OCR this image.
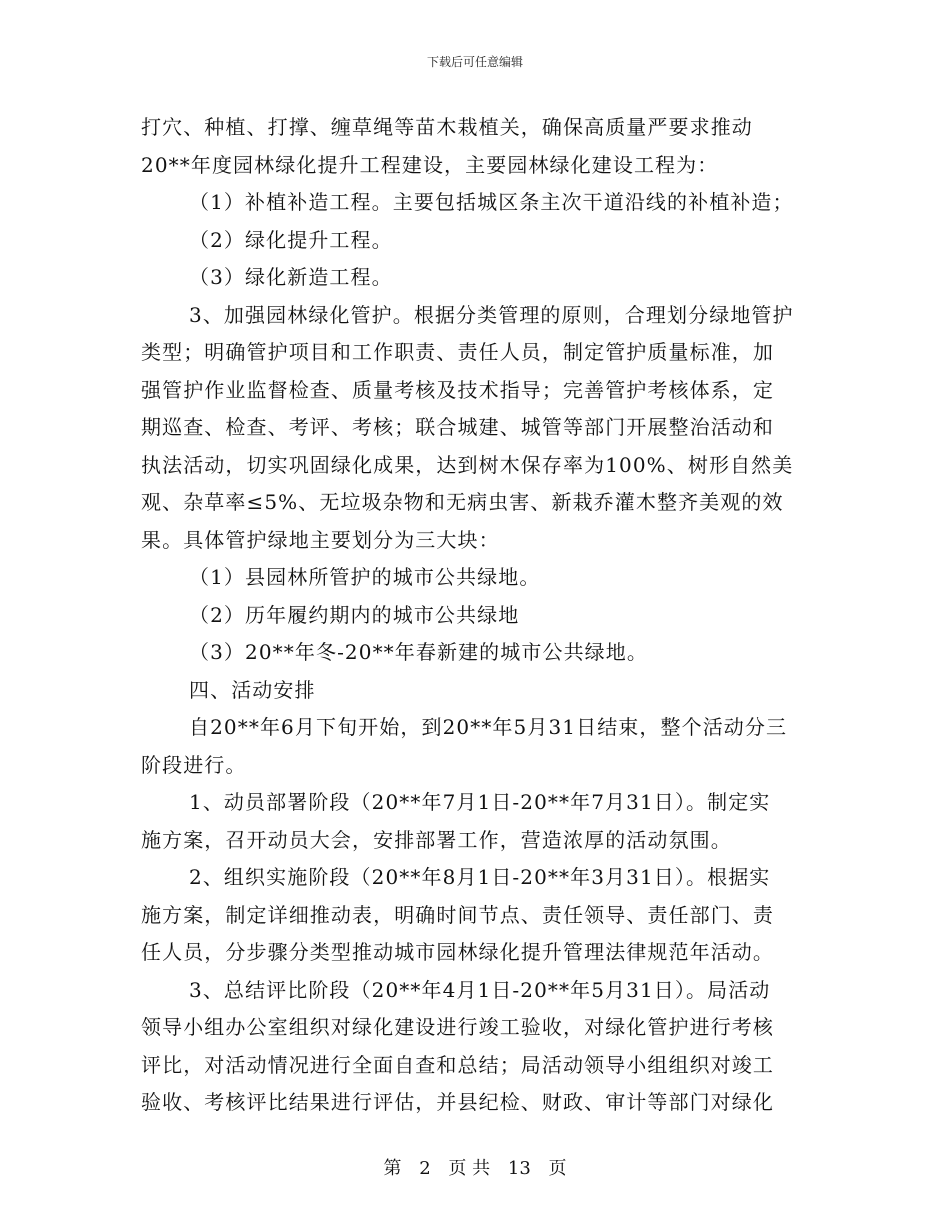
下载后可任意编辑
打穴、种植、打撑、缠草绳等苗木栽植关，确保高质量严要求推动
20**年度园林绿化提升工程建设，主要园林绿化建设工程为：
（1）补植补造工程。主要包括城区条主次干道沿线的补植补造；
（2）绿化提升工程。
（3）绿化新造工程。
3、加强园林绿化管护。根据分类管理的原则，合理划分绿地管护
类型；明确管护项目和工作职责、责任人员，制定管护质量标准，加
强管护作业监督检查、质量考核及技术指导；完善管护考核体系，定
期巡查、检查、考评、考核；联合城建、城管等部门开展整治活动和
执法活动，切实巩固绿化成果，达到树木保存率为100%、树形自然美
观、杂草率≤5%、无垃圾杂物和无病虫害、新栽乔灌木整齐美观的效
果。具体管护绿地主要划分为三大块：
（1）县园林所管护的城市公共绿地。
（2）历年履约期内的城市公共绿地
（3）20**年冬-20**年春新建的城市公共绿地。
四、活动安排
自20**年6月下旬开始，到20**年5月31日结束，整个活动分三
阶段进行。
1、动员部署阶段（20**年7月1日-20**年7月31日）。制定实
施方案，召开动员大会，安排部署工作，营造浓厚的活动氛围。
2、组织实施阶段（20**年8月1日-20**年3月31日）。根据实
施方案，制定详细推动表，明确时间节点、责任领导、责任部门、责
任人员，分步骤分类型推动城市园林绿化提升管理法律规范年活动。
3、总结评比阶段（20**年4月1日-20**年5月31日）。局活动
领导小组办公室组织对绿化建设进行竣工验收，对绿化管护进行考核
评比，对活动情况进行全面自查和总结；局活动领导小组组织对竣工
验收、考核评比结果进行评估，并县纪检、财政、审计等部门对绿化
第 2 页 共 13 页
